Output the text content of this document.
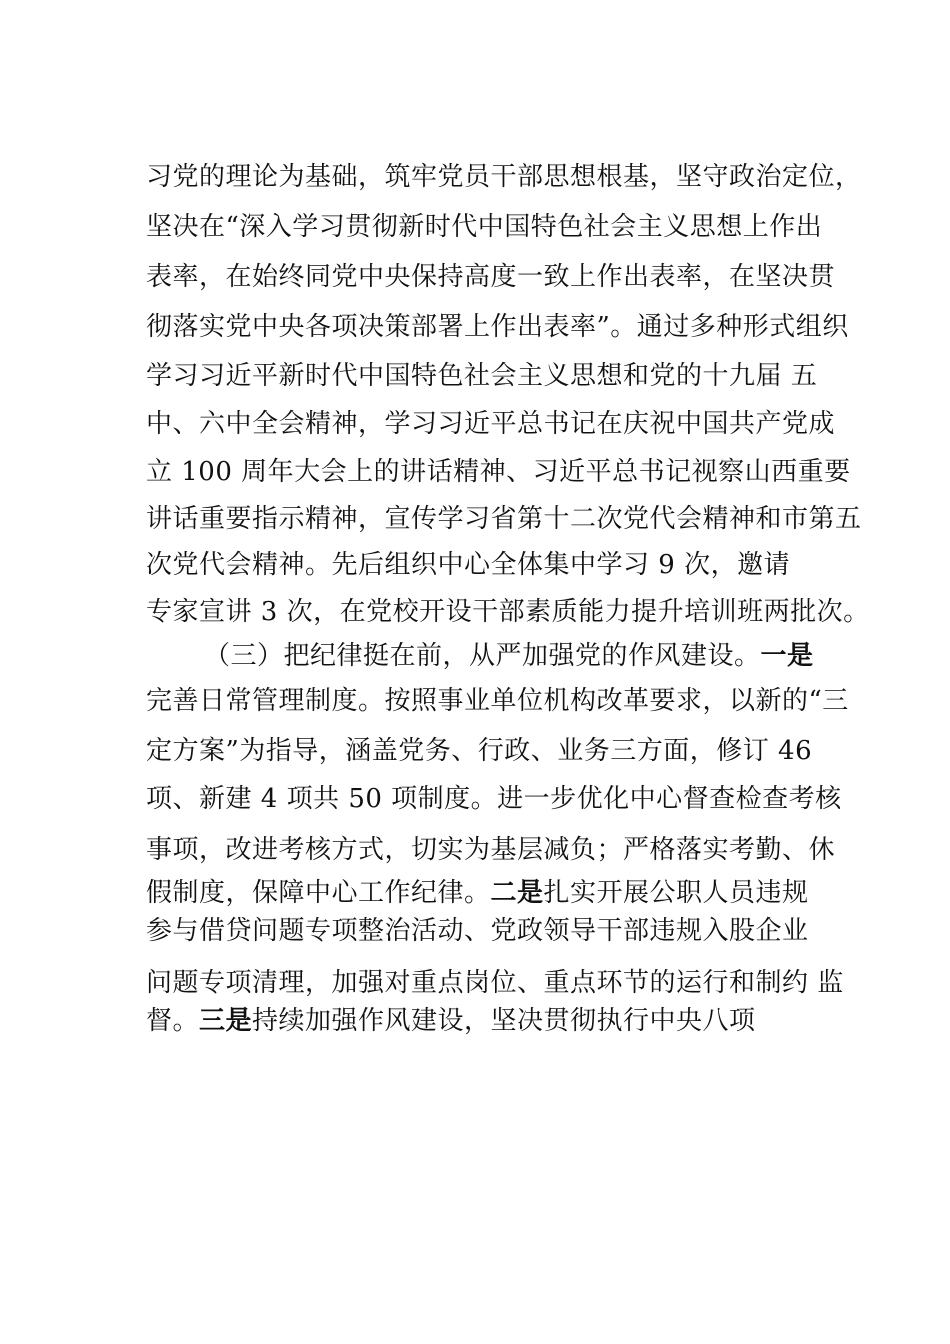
习党的理论为基础，筑牢党员干部思想根基，坚守政治定位，
坚决在“深入学习贯彻新时代中国特色社会主义思想上作出
表率，在始终同党中央保持高度一致上作出表率，在坚决贯
彻落实党中央各项决策部署上作出表率”。通过多种形式组织
学习习近平新时代中国特色社会主义思想和党的十九届 五
中、六中全会精神，学习习近平总书记在庆祝中国共产党成
立 100 周年大会上的讲话精神、习近平总书记视察山西重要
讲话重要指示精神，宣传学习省第十二次党代会精神和市第五
次党代会精神。先后组织中心全体集中学习 9 次，邀请
专家宣讲 3 次，在党校开设干部素质能力提升培训班两批次。
（三）把纪律挺在前，从严加强党的作风建设。一是
完善日常管理制度。按照事业单位机构改革要求，以新的“三
定方案”为指导，涵盖党务、行政、业务三方面，修订 46
项、新建 4 项共 50 项制度。进一步优化中心督查检查考核
事项，改进考核方式，切实为基层减负；严格落实考勤、休
假制度，保障中心工作纪律。二是扎实开展公职人员违规
参与借贷问题专项整治活动、党政领导干部违规入股企业
问题专项清理，加强对重点岗位、重点环节的运行和制约 监
督。三是持续加强作风建设，坚决贯彻执行中央八项
